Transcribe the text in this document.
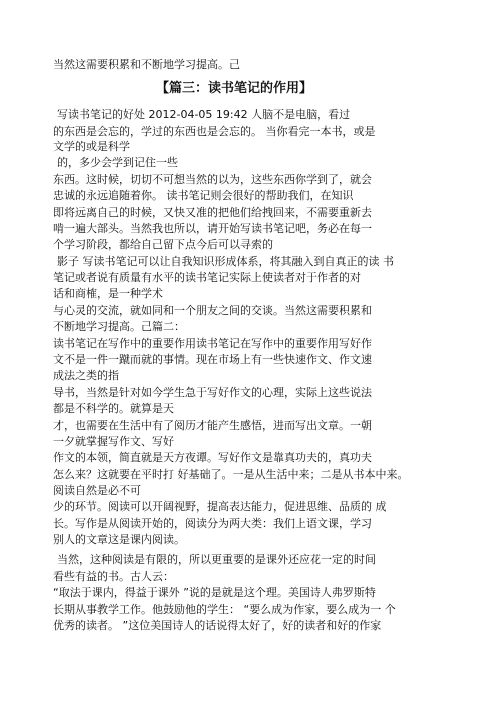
当然这需要积累和不断地学习提高。己
【篇三：读书笔记的作用】
写读书笔记的好处 2012-04-05 19:42 人脑不是电脑，看过
的东西是会忘的，学过的东西也是会忘的。 当你看完一本书，或是
文学的或是科学
的，多少会学到记住一些
东西。这时候，切切不可想当然的以为，这些东西你学到了，就会
忠诚的永远追随着你。 读书笔记则会很好的帮助我们，在知识
即将远离自己的时候，又快又准的把他们给拽回来，不需要重新去
啃一遍大部头。当然我也所以，请开始写读书笔记吧，务必在每一
个学习阶段，都给自己留下点今后可以寻索的
影子 写读书笔记可以让自我知识形成体系，将其融入到自真正的读 书
笔记或者说有质量有水平的读书笔记实际上使读者对于作者的对
话和商榷，是一种学术
与心灵的交流，就如同和一个朋友之间的交谈。当然这需要积累和
不断地学习提高。己篇二：
读书笔记在写作中的重要作用读书笔记在写作中的重要作用写好作
文不是一件一蹴而就的事情。现在市场上有一些快速作文、作文速
成法之类的指
导书，当然是针对如今学生急于写好作文的心理，实际上这些说法
都是不科学的。就算是天
才，也需要在生活中有了阅历才能产生感悟，进而写出文章。一朝
一夕就掌握写作文、写好
作文的本领，简直就是天方夜谭。写好作文是靠真功夫的，真功夫
怎么来？这就要在平时打 好基础了。一是从生活中来；二是从书本中来。
阅读自然是必不可
少的环节。阅读可以开阔视野，提高表达能力，促进思维、品质的 成
长。写作是从阅读开始的，阅读分为两大类：我们上语文课，学习
别人的文章这是课内阅读。
当然，这种阅读是有限的，所以更重要的是课外还应花一定的时间
看些有益的书。古人云：
“取法于课内，得益于课外 ”说的是就是这个理。美国诗人弗罗斯特
长期从事教学工作。他鼓励他的学生： “要么成为作家，要么成为一 个
优秀的读者。 ”这位美国诗人的话说得太好了，好的读者和好的作家
